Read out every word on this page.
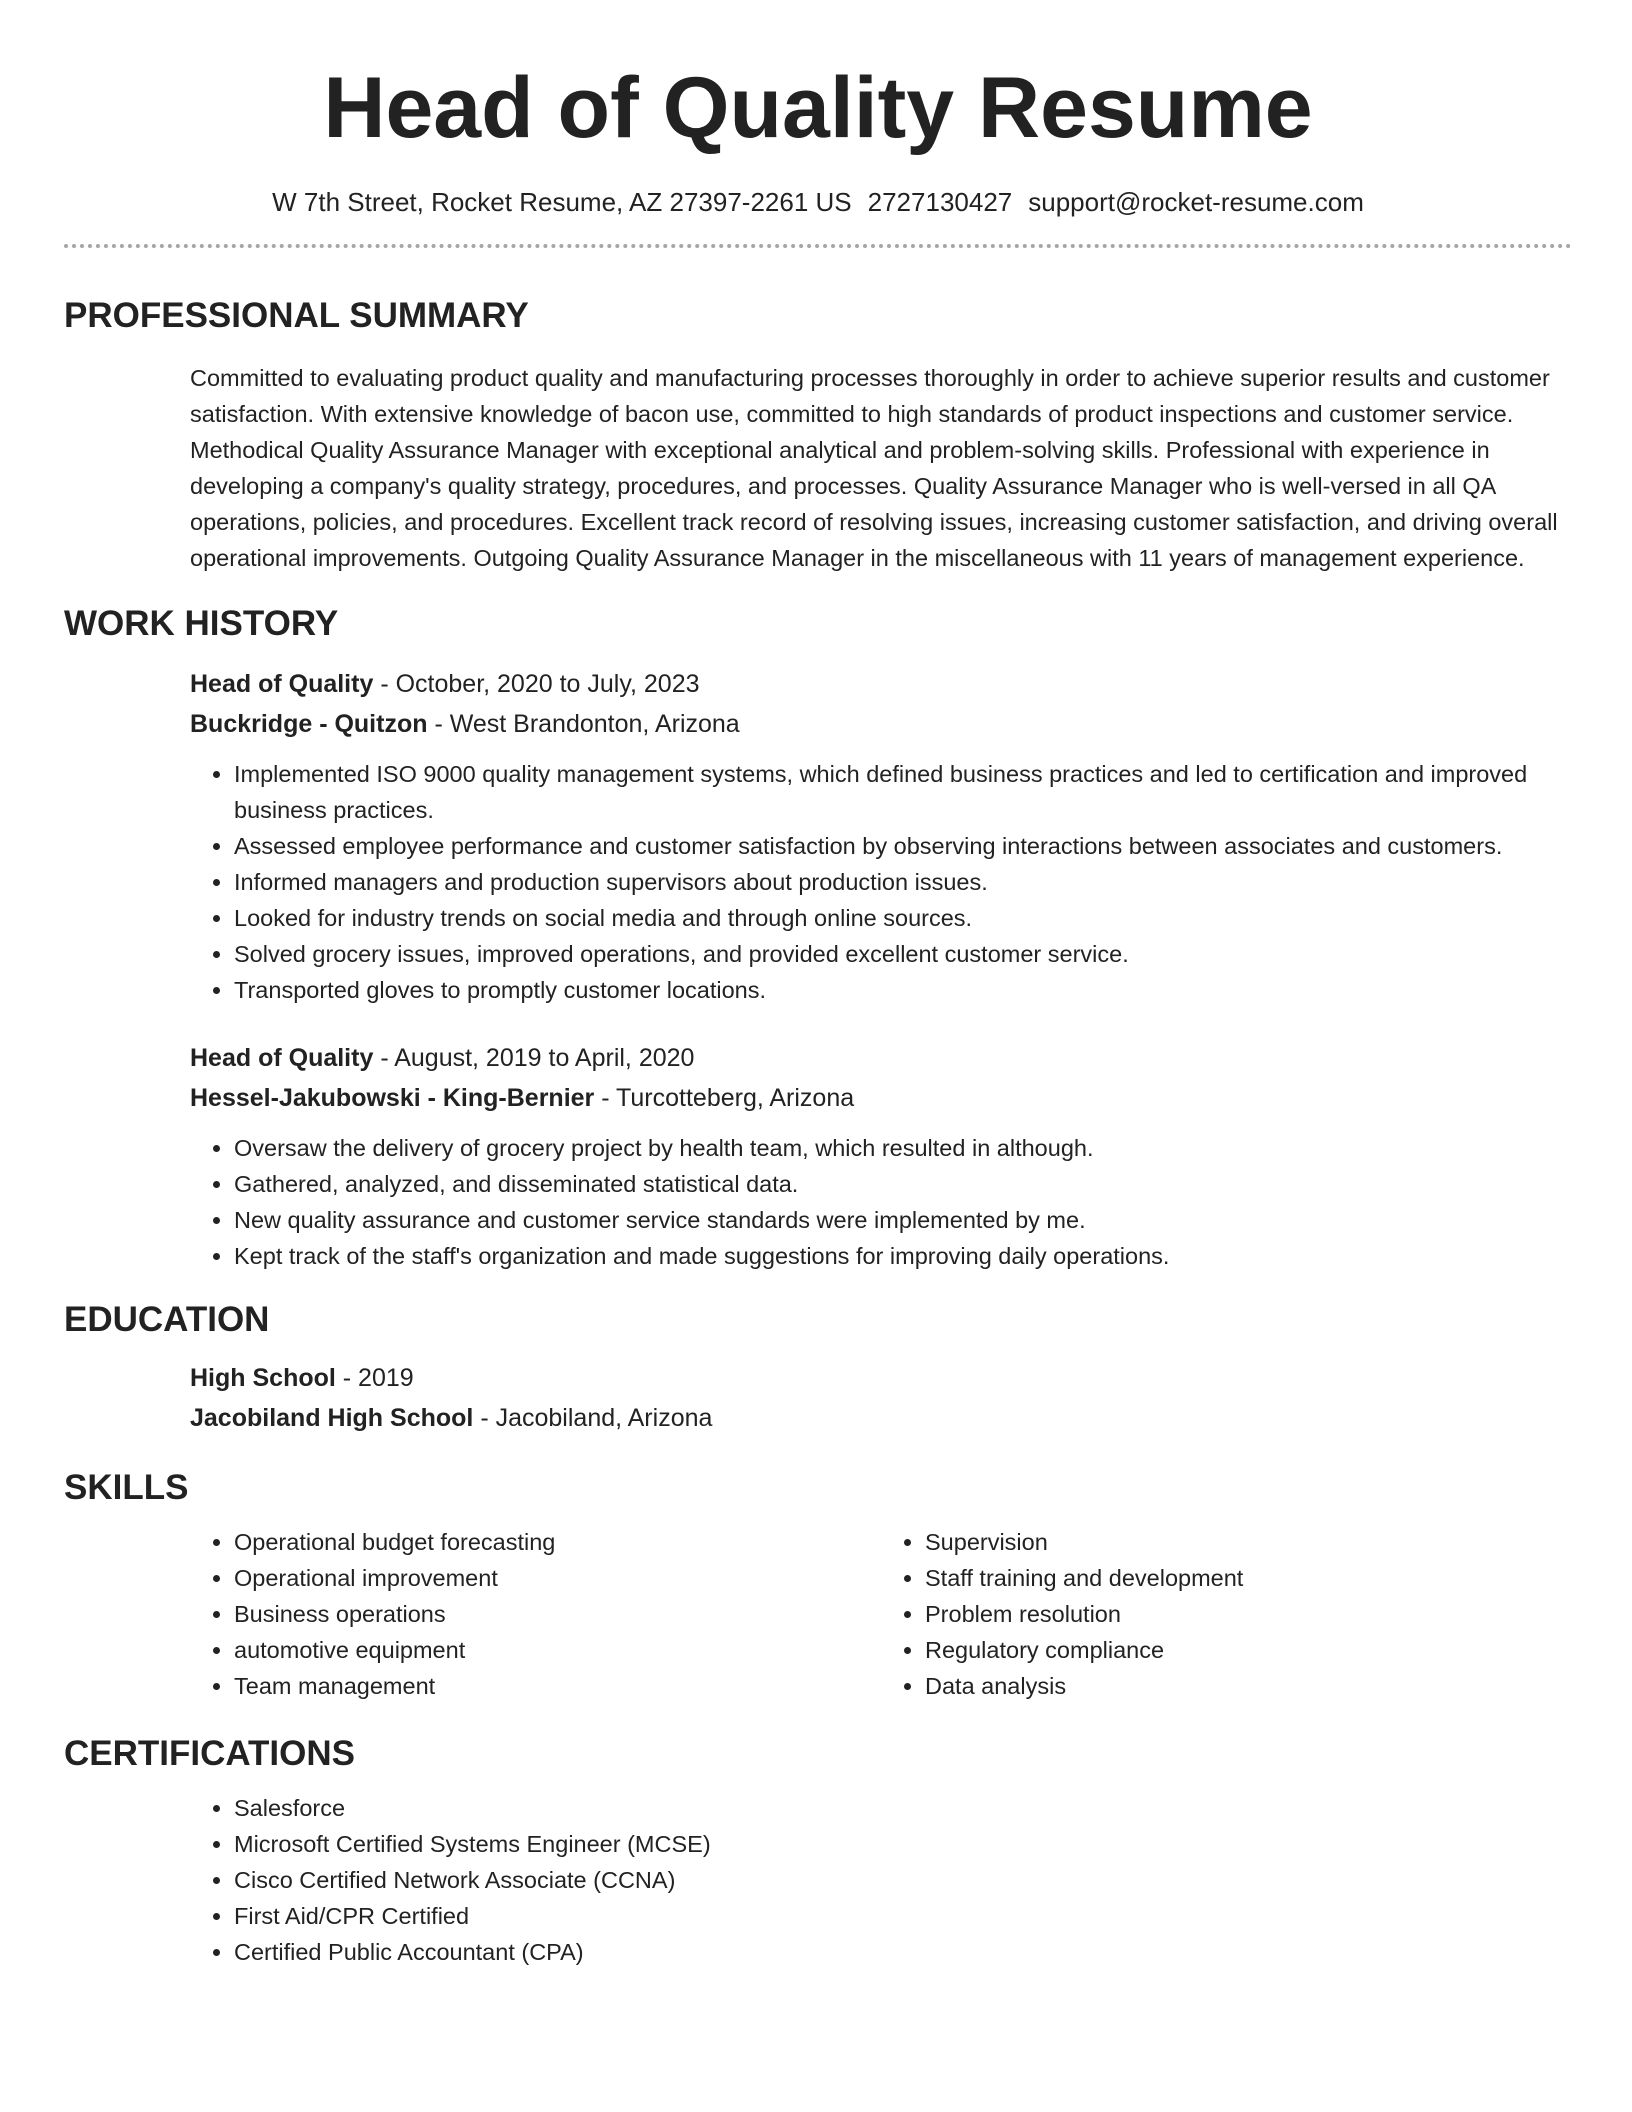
Head of Quality Resume
W 7th Street, Rocket Resume, AZ 27397-2261 US 2727130427 support@rocket-resume.com
PROFESSIONAL SUMMARY
Committed to evaluating product quality and manufacturing processes thoroughly in order to achieve superior results and customer satisfaction. With extensive knowledge of bacon use, committed to high standards of product inspections and customer service. Methodical Quality Assurance Manager with exceptional analytical and problem-solving skills. Professional with experience in developing a company's quality strategy, procedures, and processes. Quality Assurance Manager who is well-versed in all QA operations, policies, and procedures. Excellent track record of resolving issues, increasing customer satisfaction, and driving overall operational improvements. Outgoing Quality Assurance Manager in the miscellaneous with 11 years of management experience.
WORK HISTORY
Head of Quality - October, 2020 to July, 2023
Buckridge - Quitzon - West Brandonton, Arizona
• Implemented ISO 9000 quality management systems, which defined business practices and led to certification and improved business practices.
• Assessed employee performance and customer satisfaction by observing interactions between associates and customers.
• Informed managers and production supervisors about production issues.
• Looked for industry trends on social media and through online sources.
• Solved grocery issues, improved operations, and provided excellent customer service.
• Transported gloves to promptly customer locations.
Head of Quality - August, 2019 to April, 2020
Hessel-Jakubowski - King-Bernier - Turcotteberg, Arizona
• Oversaw the delivery of grocery project by health team, which resulted in although.
• Gathered, analyzed, and disseminated statistical data.
• New quality assurance and customer service standards were implemented by me.
• Kept track of the staff's organization and made suggestions for improving daily operations.
EDUCATION
High School - 2019
Jacobiland High School - Jacobiland, Arizona
SKILLS
• Operational budget forecasting
• Operational improvement
• Business operations
• automotive equipment
• Team management
• Supervision
• Staff training and development
• Problem resolution
• Regulatory compliance
• Data analysis
CERTIFICATIONS
• Salesforce
• Microsoft Certified Systems Engineer (MCSE)
• Cisco Certified Network Associate (CCNA)
• First Aid/CPR Certified
• Certified Public Accountant (CPA)
